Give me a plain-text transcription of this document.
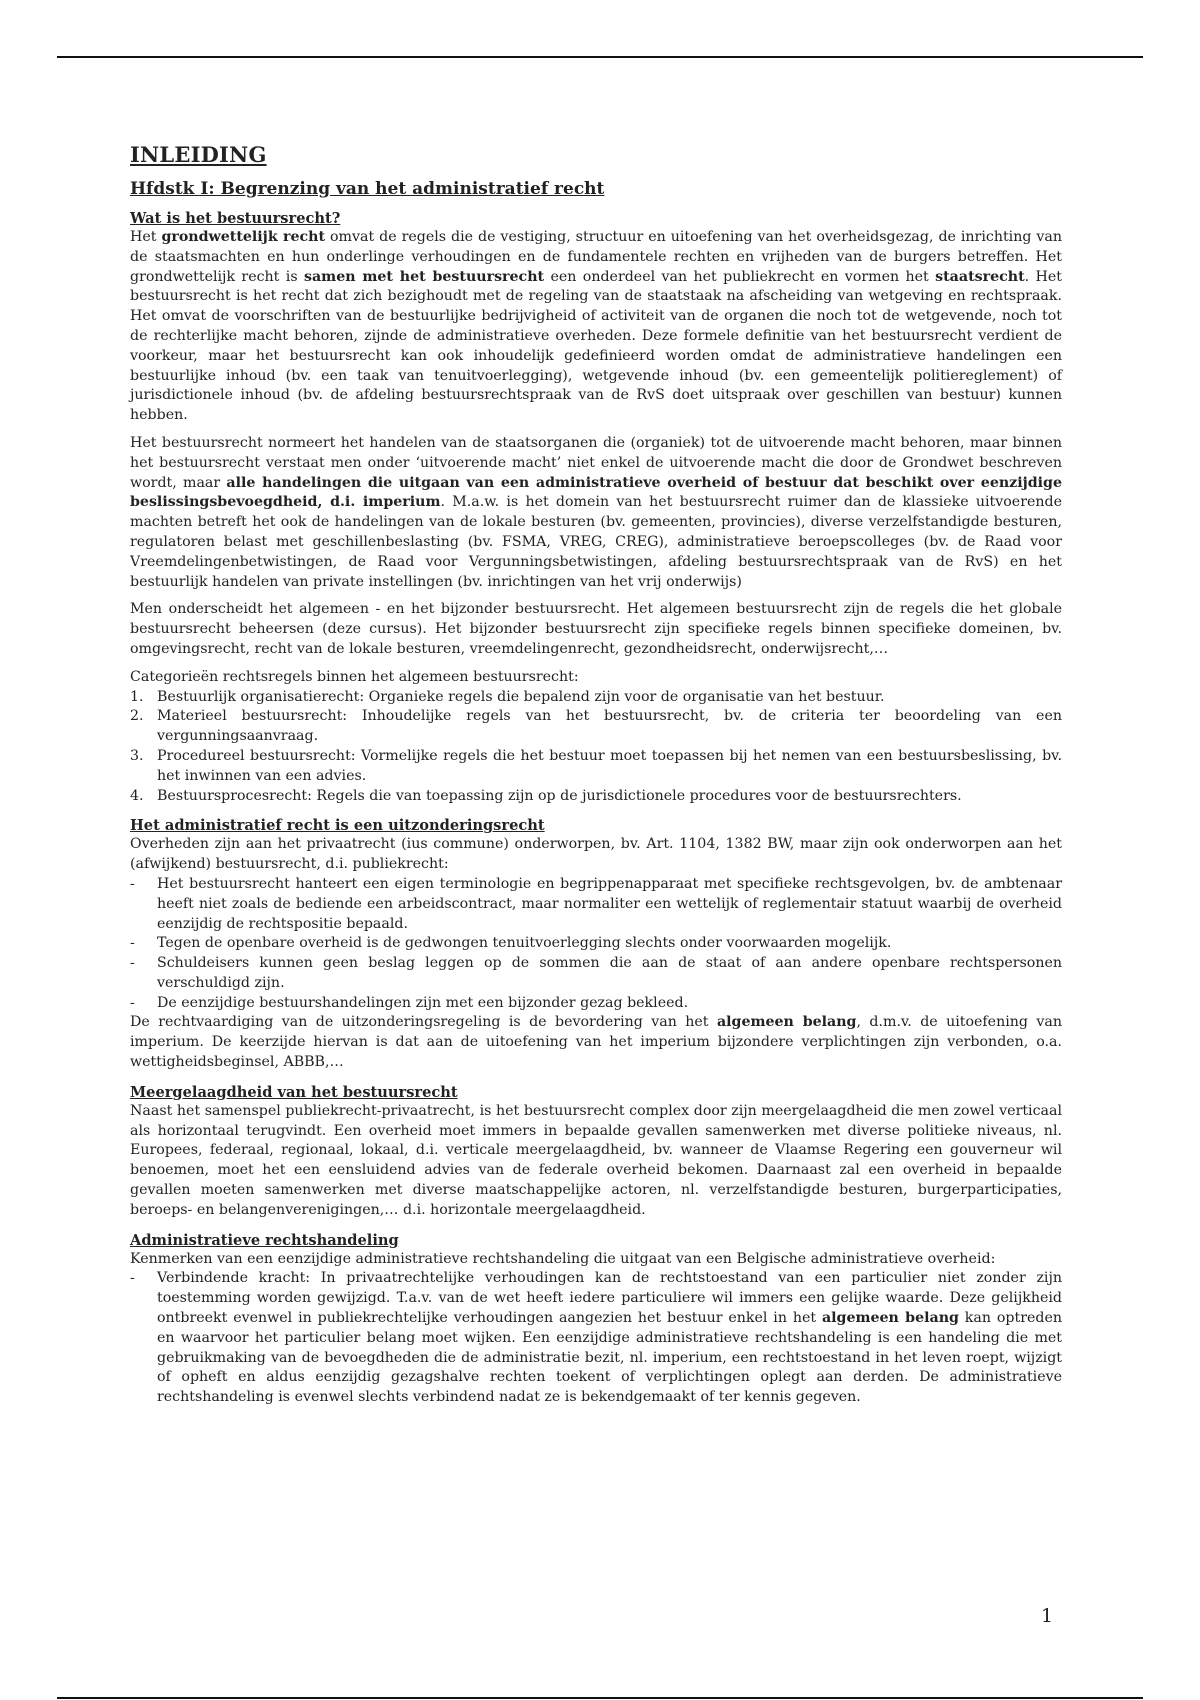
INLEIDING
Hfdstk I: Begrenzing van het administratief recht
Wat is het bestuursrecht?

Het grondwettelijk recht omvat de regels die de vestiging, structuur en uitoefening van het overheidsgezag, de inrichting van de staatsmachten en hun onderlinge verhoudingen en de fundamentele rechten en vrijheden van de burgers betreffen. Het grondwettelijk recht is samen met het bestuursrecht een onderdeel van het publiekrecht en vormen het staatsrecht. Het bestuursrecht is het recht dat zich bezighoudt met de regeling van de staatstaak na afscheiding van wetgeving en rechtspraak. Het omvat de voorschriften van de bestuurlijke bedrijvigheid of activiteit van de organen die noch tot de wetgevende, noch tot de rechterlijke macht behoren, zijnde de administratieve overheden. Deze formele definitie van het bestuursrecht verdient de voorkeur, maar het bestuursrecht kan ook inhoudelijk gedefinieerd worden omdat de administratieve handelingen een bestuurlijke inhoud (bv. een taak van tenuitvoerlegging), wetgevende inhoud (bv. een gemeentelijk politiereglement) of jurisdictionele inhoud (bv. de afdeling bestuursrechtspraak van de RvS doet uitspraak over geschillen van bestuur) kunnen hebben.

Het bestuursrecht normeert het handelen van de staatsorganen die (organiek) tot de uitvoerende macht behoren, maar binnen het bestuursrecht verstaat men onder ‘uitvoerende macht’ niet enkel de uitvoerende macht die door de Grondwet beschreven wordt, maar alle handelingen die uitgaan van een administratieve overheid of bestuur dat beschikt over eenzijdige beslissingsbevoegdheid, d.i. imperium. M.a.w. is het domein van het bestuursrecht ruimer dan de klassieke uitvoerende machten betreft het ook de handelingen van de lokale besturen (bv. gemeenten, provincies), diverse verzelfstandigde besturen, regulatoren belast met geschillenbeslasting (bv. FSMA, VREG, CREG), administratieve beroepscolleges (bv. de Raad voor Vreemdelingenbetwistingen, de Raad voor Vergunningsbetwistingen, afdeling bestuursrechtspraak van de RvS) en het bestuurlijk handelen van private instellingen (bv. inrichtingen van het vrij onderwijs)

Men onderscheidt het algemeen - en het bijzonder bestuursrecht. Het algemeen bestuursrecht zijn de regels die het globale bestuursrecht beheersen (deze cursus). Het bijzonder bestuursrecht zijn specifieke regels binnen specifieke domeinen, bv. omgevingsrecht, recht van de lokale besturen, vreemdelingenrecht, gezondheidsrecht, onderwijsrecht,…

Categorieën rechtsregels binnen het algemeen bestuursrecht:

1. Bestuurlijk organisatierecht: Organieke regels die bepalend zijn voor de organisatie van het bestuur.
2. Materieel bestuursrecht: Inhoudelijke regels van het bestuursrecht, bv. de criteria ter beoordeling van een vergunningsaanvraag.
3. Procedureel bestuursrecht: Vormelijke regels die het bestuur moet toepassen bij het nemen van een bestuursbeslissing, bv. het inwinnen van een advies.
4. Bestuursprocesrecht: Regels die van toepassing zijn op de jurisdictionele procedures voor de bestuursrechters.
Het administratief recht is een uitzonderingsrecht

Overheden zijn aan het privaatrecht (ius commune) onderworpen, bv. Art. 1104, 1382 BW, maar zijn ook onderworpen aan het (afwijkend) bestuursrecht, d.i. publiekrecht:

- Het bestuursrecht hanteert een eigen terminologie en begrippenapparaat met specifieke rechtsgevolgen, bv. de ambtenaar heeft niet zoals de bediende een arbeidscontract, maar normaliter een wettelijk of reglementair statuut waarbij de overheid eenzijdig de rechtspositie bepaald.
- Tegen de openbare overheid is de gedwongen tenuitvoerlegging slechts onder voorwaarden mogelijk.
- Schuldeisers kunnen geen beslag leggen op de sommen die aan de staat of aan andere openbare rechtspersonen verschuldigd zijn.
- De eenzijdige bestuurshandelingen zijn met een bijzonder gezag bekleed.

De rechtvaardiging van de uitzonderingsregeling is de bevordering van het algemeen belang, d.m.v. de uitoefening van imperium. De keerzijde hiervan is dat aan de uitoefening van het imperium bijzondere verplichtingen zijn verbonden, o.a. wettigheidsbeginsel, ABBB,…

Meergelaagdheid van het bestuursrecht

Naast het samenspel publiekrecht-privaatrecht, is het bestuursrecht complex door zijn meergelaagdheid die men zowel verticaal als horizontaal terugvindt. Een overheid moet immers in bepaalde gevallen samenwerken met diverse politieke niveaus, nl. Europees, federaal, regionaal, lokaal, d.i. verticale meergelaagdheid, bv. wanneer de Vlaamse Regering een gouverneur wil benoemen, moet het een eensluidend advies van de federale overheid bekomen. Daarnaast zal een overheid in bepaalde gevallen moeten samenwerken met diverse maatschappelijke actoren, nl. verzelfstandigde besturen, burgerparticipaties, beroeps- en belangenverenigingen,… d.i. horizontale meergelaagdheid.

Administratieve rechtshandeling

Kenmerken van een eenzijdige administratieve rechtshandeling die uitgaat van een Belgische administratieve overheid:

- Verbindende kracht: In privaatrechtelijke verhoudingen kan de rechtstoestand van een particulier niet zonder zijn toestemming worden gewijzigd. T.a.v. van de wet heeft iedere particuliere wil immers een gelijke waarde. Deze gelijkheid ontbreekt evenwel in publiekrechtelijke verhoudingen aangezien het bestuur enkel in het algemeen belang kan optreden en waarvoor het particulier belang moet wijken. Een eenzijdige administratieve rechtshandeling is een handeling die met gebruikmaking van de bevoegdheden die de administratie bezit, nl. imperium, een rechtstoestand in het leven roept, wijzigt of opheft en aldus eenzijdig gezagshalve rechten toekent of verplichtingen oplegt aan derden. De administratieve rechtshandeling is evenwel slechts verbindend nadat ze is bekendgemaakt of ter kennis gegeven.
1
